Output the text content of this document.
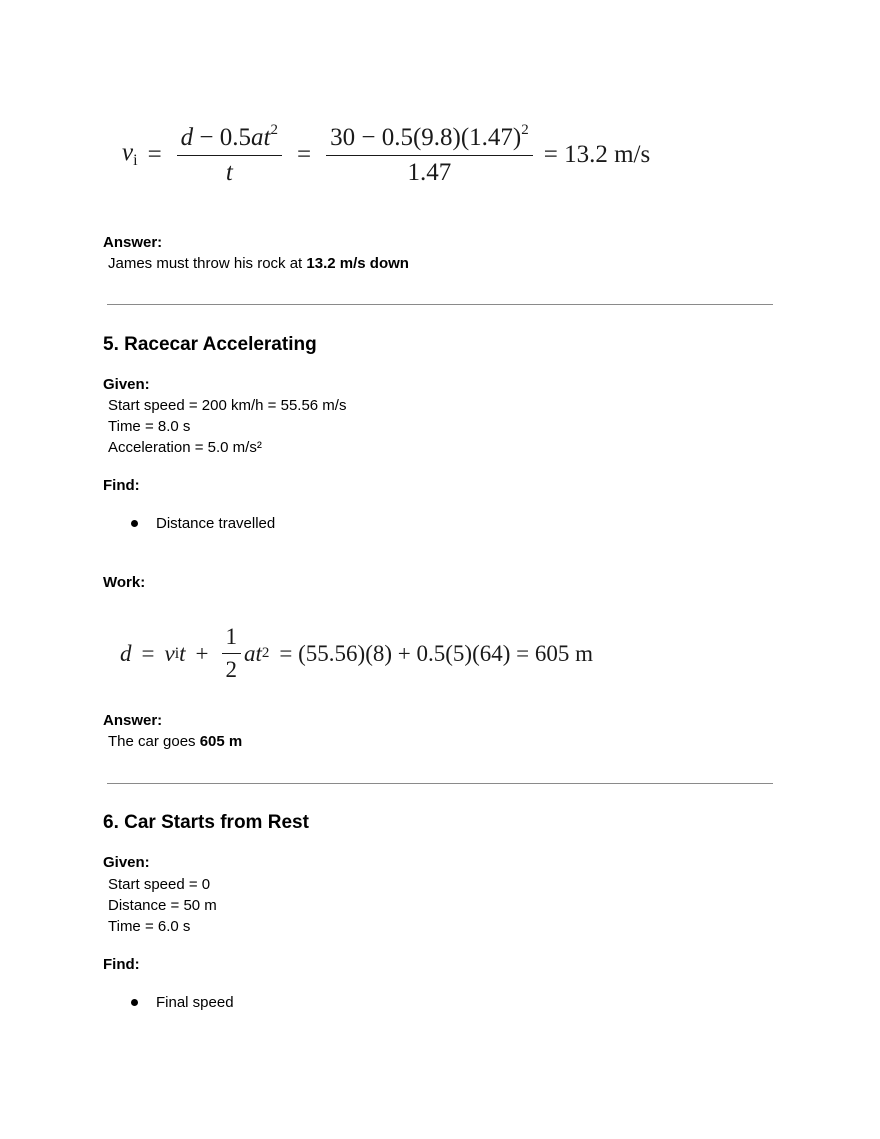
$v_i = \frac{d - 0.5at^2}{t} = \frac{30 - 0.5(9.8)(1.47)^2}{1.47} = 13.2$ m/s
Answer:
James must throw his rock at 13.2 m/s down
5. Racecar Accelerating
Given:
Start speed = 200 km/h = 55.56 m/s
Time = 8.0 s
Acceleration = 5.0 m/s²
Find:
Distance travelled
Work:
d = v i $t + \frac{1}{2}$ at 2 = (55.56)(8) + 0.5(5)(64) = 605 m
Answer:
The car goes 605 m
6. Car Starts from Rest
Given:
Start speed = 0
Distance = 50 m
Time = 6.0 s
Find:
Final speed
